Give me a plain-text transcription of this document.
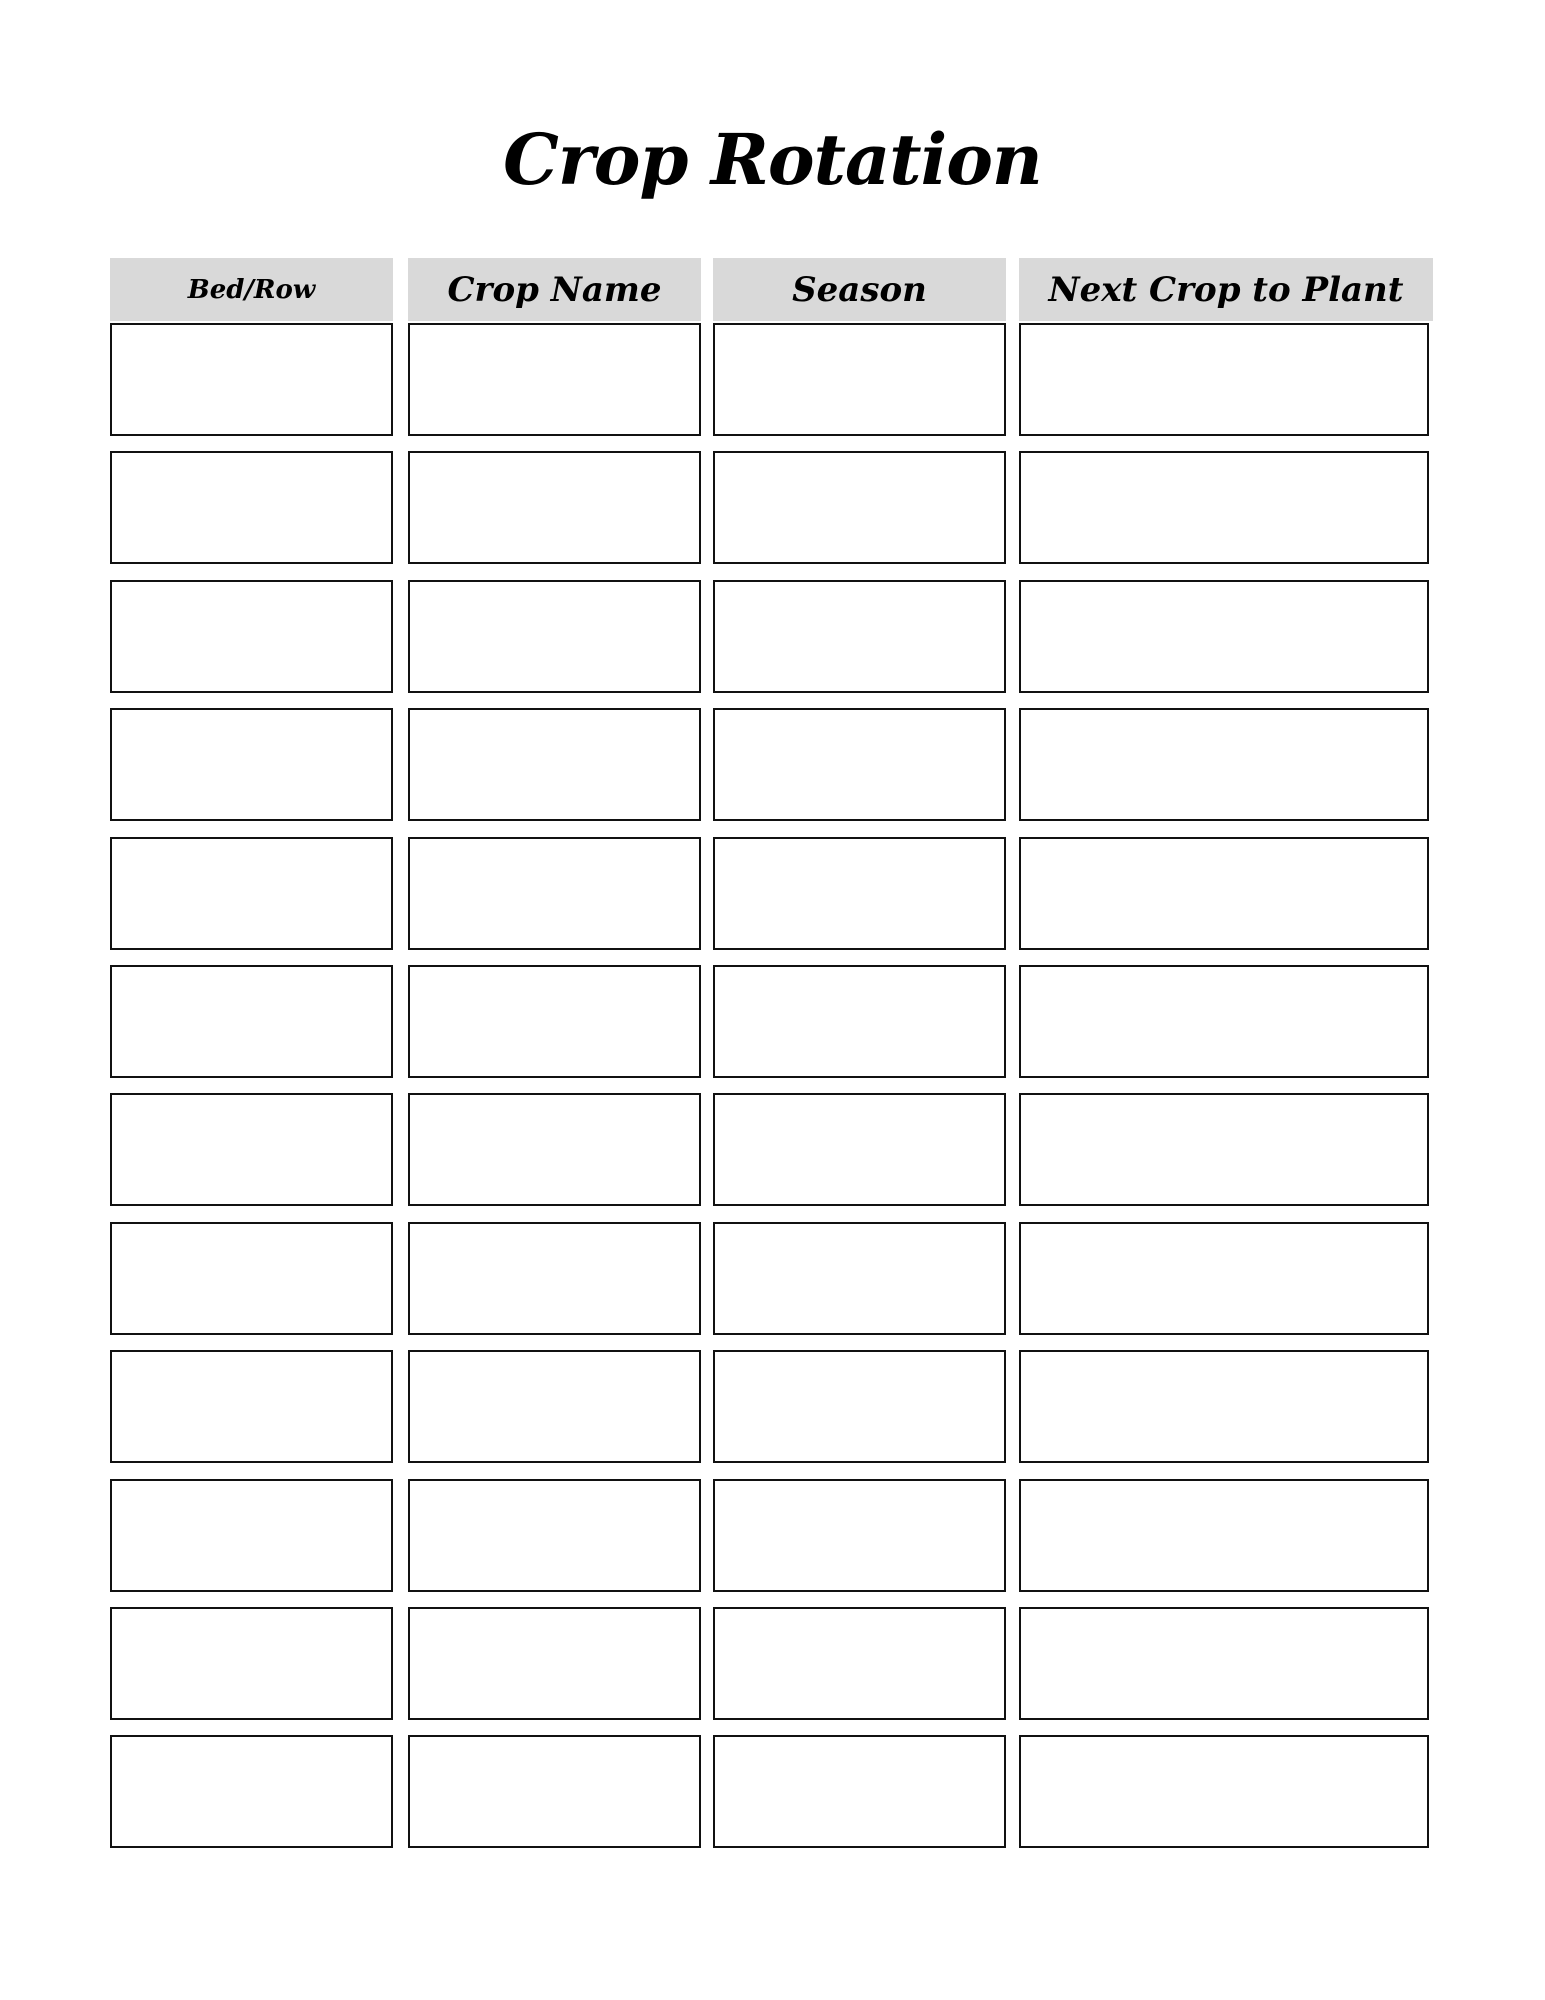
Crop Rotation
Bed/Row	Crop Name	Season	Next Crop to Plant
